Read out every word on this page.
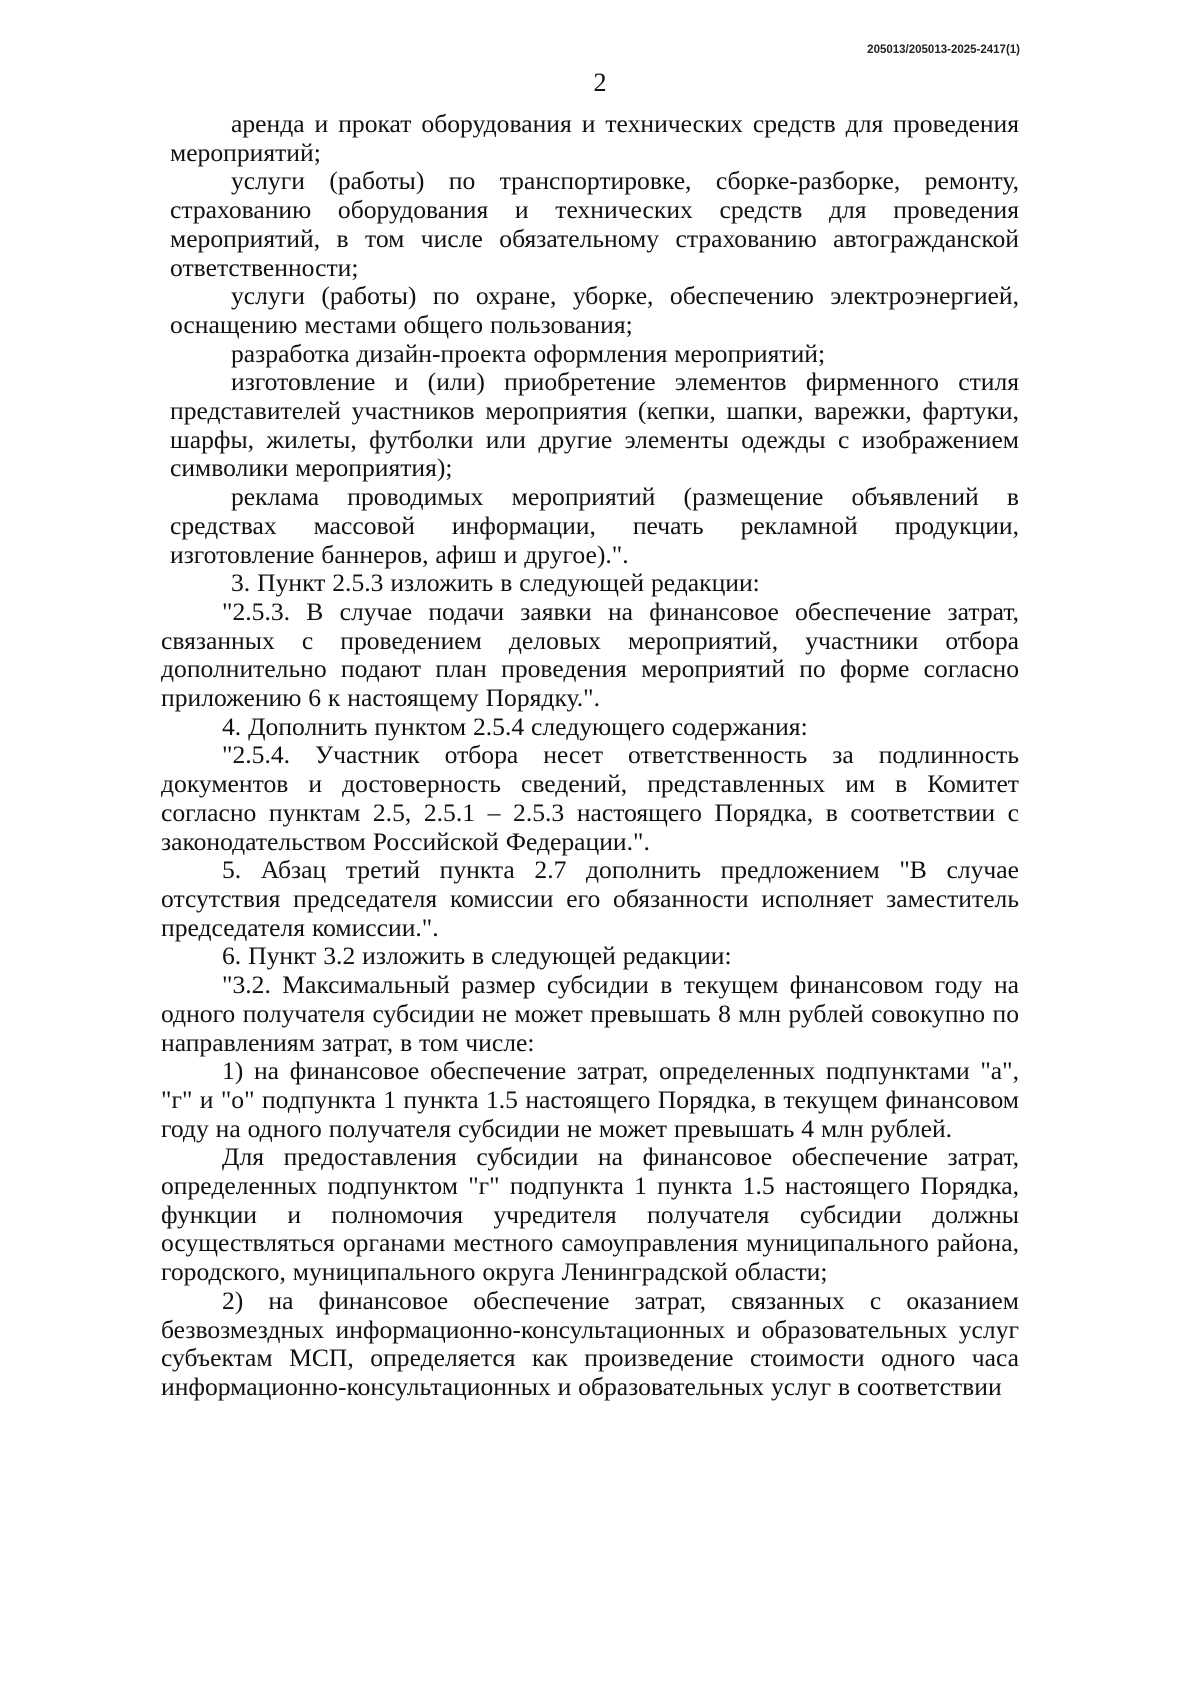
205013/205013-2025-2417(1)
2

аренда и прокат оборудования и технических средств для проведения мероприятий;

услуги (работы) по транспортировке, сборке-разборке, ремонту, страхованию оборудования и технических средств для проведения мероприятий, в том числе обязательному страхованию автогражданской ответственности;

услуги (работы) по охране, уборке, обеспечению электроэнергией, оснащению местами общего пользования;

разработка дизайн-проекта оформления мероприятий;

изготовление и (или) приобретение элементов фирменного стиля представителей участников мероприятия (кепки, шапки, варежки, фартуки, шарфы, жилеты, футболки или другие элементы одежды с изображением символики мероприятия);

реклама проводимых мероприятий (размещение объявлений в средствах массовой информации, печать рекламной продукции, изготовление баннеров, афиш и другое).".

3. Пункт 2.5.3 изложить в следующей редакции:

"2.5.3. В случае подачи заявки на финансовое обеспечение затрат, связанных с проведением деловых мероприятий, участники отбора дополнительно подают план проведения мероприятий по форме согласно приложению 6 к настоящему Порядку.".

4. Дополнить пунктом 2.5.4 следующего содержания:

"2.5.4. Участник отбора несет ответственность за подлинность документов и достоверность сведений, представленных им в Комитет согласно пунктам 2.5, 2.5.1 – 2.5.3 настоящего Порядка, в соответствии с законодательством Российской Федерации.".

5. Абзац третий пункта 2.7 дополнить предложением "В случае отсутствия председателя комиссии его обязанности исполняет заместитель председателя комиссии.".

6. Пункт 3.2 изложить в следующей редакции:

"3.2. Максимальный размер субсидии в текущем финансовом году на одного получателя субсидии не может превышать 8 млн рублей совокупно по направлениям затрат, в том числе:

1) на финансовое обеспечение затрат, определенных подпунктами "а", "г" и "о" подпункта 1 пункта 1.5 настоящего Порядка, в текущем финансовом году на одного получателя субсидии не может превышать 4 млн рублей.

Для предоставления субсидии на финансовое обеспечение затрат, определенных подпунктом "г" подпункта 1 пункта 1.5 настоящего Порядка, функции и полномочия учредителя получателя субсидии должны осуществляться органами местного самоуправления муниципального района, городского, муниципального округа Ленинградской области;

2) на финансовое обеспечение затрат, связанных с оказанием безвозмездных информационно-консультационных и образовательных услуг субъектам МСП, определяется как произведение стоимости одного часа информационно-консультационных и образовательных услуг в соответствии
